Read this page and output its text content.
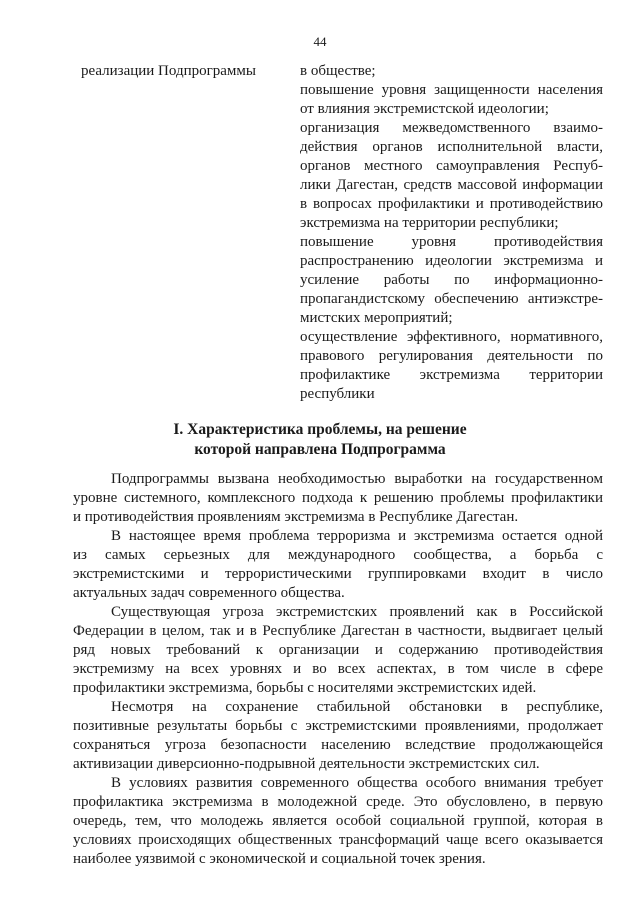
44
реализации Подпрограммы	в обществе;
повышение уровня защищенности населения
от влияния экстремистской идеологии;
организация межведомственного взаимо-
действия органов исполнительной власти,
органов местного самоуправления Респуб-
лики Дагестан, средств массовой информации
в вопросах профилактики и противодействию
экстремизма на территории республики;
повышение уровня противодействия
распространению идеологии экстремизма и
усиление работы по информационно-
пропагандистскому обеспечению антиэкстре-
мистских мероприятий;
осуществление эффективного, нормативного,
правового регулирования деятельности по
профилактике экстремизма территории
республики
I. Характеристика проблемы, на решение
которой направлена Подпрограмма
Подпрограммы вызвана необходимостью выработки на государственном
уровне системного, комплексного подхода к решению проблемы профилактики
и противодействия проявлениям экстремизма в Республике Дагестан.
В настоящее время проблема терроризма и экстремизма остается одной
из самых серьезных для международного сообщества, а борьба с
экстремистскими и террористическими группировками входит в число
актуальных задач современного общества.
Существующая угроза экстремистских проявлений как в Российской
Федерации в целом, так и в Республике Дагестан в частности, выдвигает целый
ряд новых требований к организации и содержанию противодействия
экстремизму на всех уровнях и во всех аспектах, в том числе в сфере
профилактики экстремизма, борьбы с носителями экстремистских идей.
Несмотря на сохранение стабильной обстановки в республике,
позитивные результаты борьбы с экстремистскими проявлениями, продолжает
сохраняться угроза безопасности населению вследствие продолжающейся
активизации диверсионно-подрывной деятельности экстремистских сил.
В условиях развития современного общества особого внимания требует
профилактика экстремизма в молодежной среде. Это обусловлено, в первую
очередь, тем, что молодежь является особой социальной группой, которая в
условиях происходящих общественных трансформаций чаще всего оказывается
наиболее уязвимой с экономической и социальной точек зрения.
